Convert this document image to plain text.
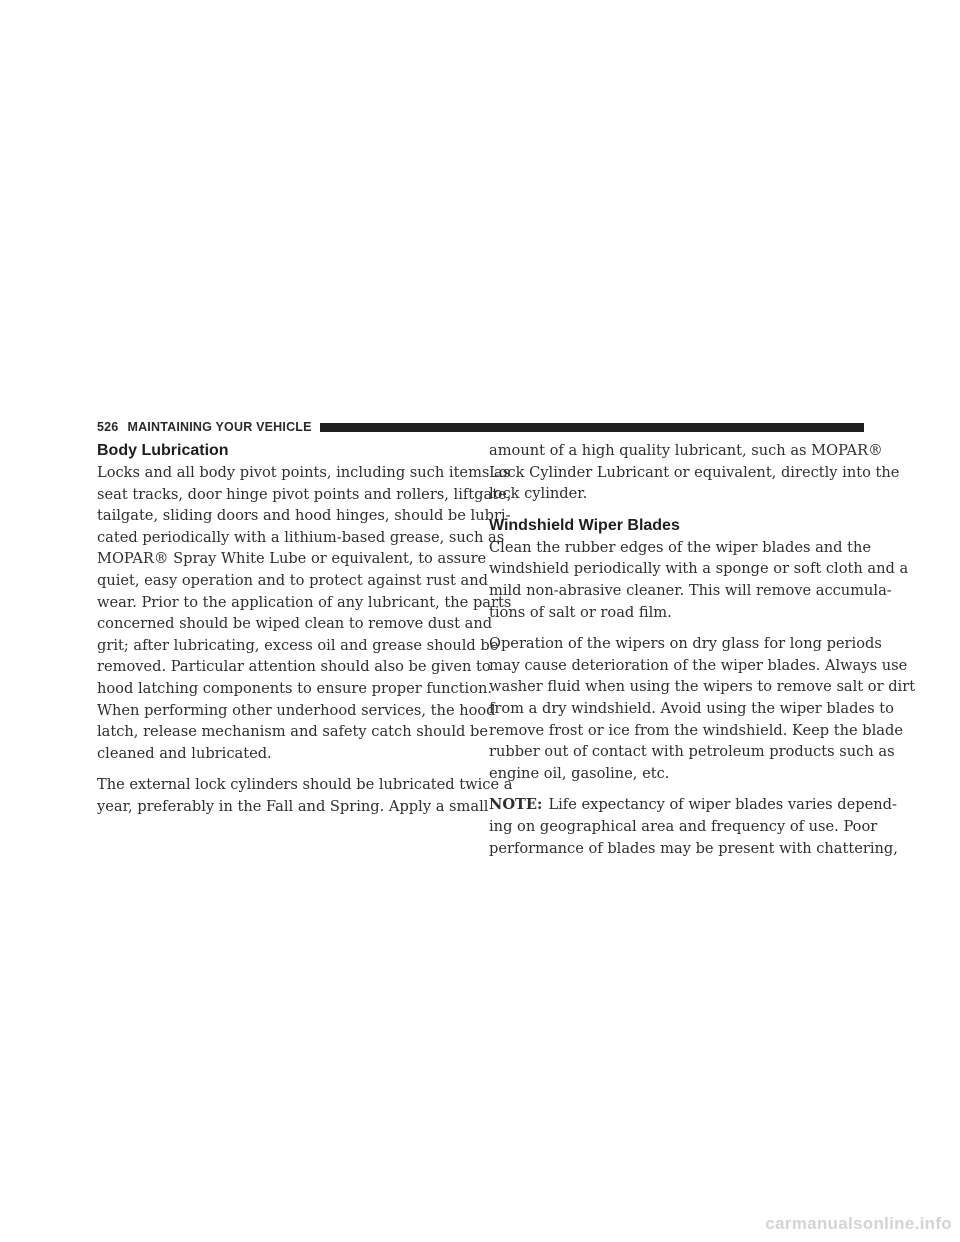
526 MAINTAINING YOUR VEHICLE
Body Lubrication

Locks and all body pivot points, including such items as
seat tracks, door hinge pivot points and rollers, liftgate,
tailgate, sliding doors and hood hinges, should be lubri-
cated periodically with a lithium-based grease, such as
MOPAR® Spray White Lube or equivalent, to assure
quiet, easy operation and to protect against rust and
wear. Prior to the application of any lubricant, the parts
concerned should be wiped clean to remove dust and
grit; after lubricating, excess oil and grease should be
removed. Particular attention should also be given to
hood latching components to ensure proper function.
When performing other underhood services, the hood
latch, release mechanism and safety catch should be
cleaned and lubricated.

The external lock cylinders should be lubricated twice a
year, preferably in the Fall and Spring. Apply a small

amount of a high quality lubricant, such as MOPAR®
Lock Cylinder Lubricant or equivalent, directly into the
lock cylinder.

Windshield Wiper Blades

Clean the rubber edges of the wiper blades and the
windshield periodically with a sponge or soft cloth and a
mild non-abrasive cleaner. This will remove accumula-
tions of salt or road film.

Operation of the wipers on dry glass for long periods
may cause deterioration of the wiper blades. Always use
washer fluid when using the wipers to remove salt or dirt
from a dry windshield. Avoid using the wiper blades to
remove frost or ice from the windshield. Keep the blade
rubber out of contact with petroleum products such as
engine oil, gasoline, etc.

NOTE: Life expectancy of wiper blades varies depend-
ing on geographical area and frequency of use. Poor
performance of blades may be present with chattering,

carmanualsonline.info
